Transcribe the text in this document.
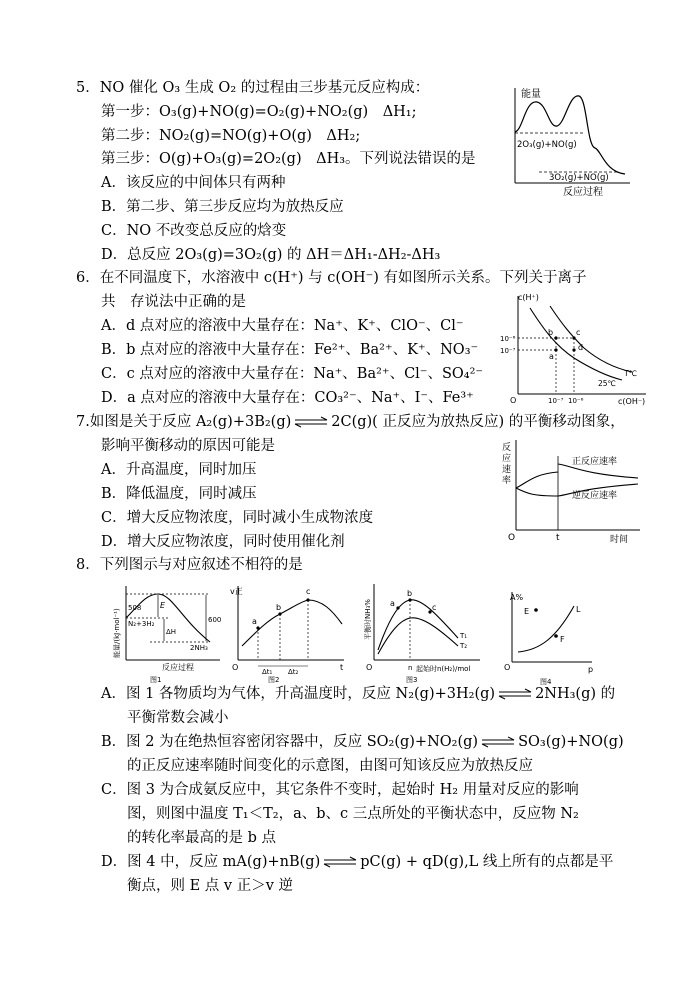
5．NO 催化 O₃ 生成 O₂ 的过程由三步基元反应构成：
第一步：O₃(g)+NO(g)=O₂(g)+NO₂(g)　ΔH₁;
第二步：NO₂(g)=NO(g)+O(g)　ΔH₂;
第三步：O(g)+O₃(g)=2O₂(g)　ΔH₃。下列说法错误的是
A．该反应的中间体只有两种
B．第二步、第三步反应均为放热反应
C．NO 不改变总反应的焓变
D．总反应 2O₃(g)=3O₂(g) 的 ΔH＝ΔH₁-ΔH₂-ΔH₃
能量
2O₃(g)+NO(g)
3O₂(g)+NO(g)
反应过程
6．在不同温度下，水溶液中 c(H⁺) 与 c(OH⁻) 有如图所示关系。下列关于离子
共　存说法中正确的是
A．d 点对应的溶液中大量存在：Na⁺、K⁺、ClO⁻、Cl⁻
B．b 点对应的溶液中大量存在：Fe²⁺、Ba²⁺、K⁺、NO₃⁻
C．c 点对应的溶液中大量存在：Na⁺、Ba²⁺、Cl⁻、SO₄²⁻
D．a 点对应的溶液中大量存在：CO₃²⁻、Na⁺、I⁻、Fe³⁺
c(H⁺)
c(OH⁻)
O
10⁻⁶
10⁻⁷
10⁻⁷ 10⁻⁶
b	c
a
d
T℃
25℃
7.如图是关于反应 A₂(g)+3B₂(g) ⇌ 2C(g)( 正反应为放热反应) 的平衡移动图象，
影响平衡移动的原因可能是
A．升高温度，同时加压
B．降低温度，同时减压
C．增大反应物浓度，同时减小生成物浓度
D．增大反应物浓度，同时使用催化剂
反
应
速
率
正反应速率
逆反应速率
O	t	时间
8．下列图示与对应叙述不相符的是
能量/(kJ·mol⁻¹)
508
600
E
ΔH
N₂+3H₂
2NH₃
反应过程
图1
v正
a
b
c
Δt₁ Δt₂
O	t
图2
平衡时NH₃% a
b
c
T₁
T₂
O	n 起始时n(H₂)/mol
图3
A%
E
F
L
O	p
图4
A．图 1 各物质均为气体，升高温度时，反应 N₂(g)+3H₂(g) ⇌ 2NH₃(g) 的
平衡常数会减小
B．图 2 为在绝热恒容密闭容器中，反应 SO₂(g)+NO₂(g) ⇌ SO₃(g)+NO(g)
的正反应速率随时间变化的示意图，由图可知该反应为放热反应
C．图 3 为合成氨反应中，其它条件不变时，起始时 H₂ 用量对反应的影响
图，则图中温度 T₁＜T₂，a、b、c 三点所处的平衡状态中，反应物 N₂
的转化率最高的是 b 点
D．图 4 中，反应 mA(g)+nB(g) ⇌ pC(g) + qD(g),L 线上所有的点都是平
衡点，则 E 点 v 正＞v 逆
